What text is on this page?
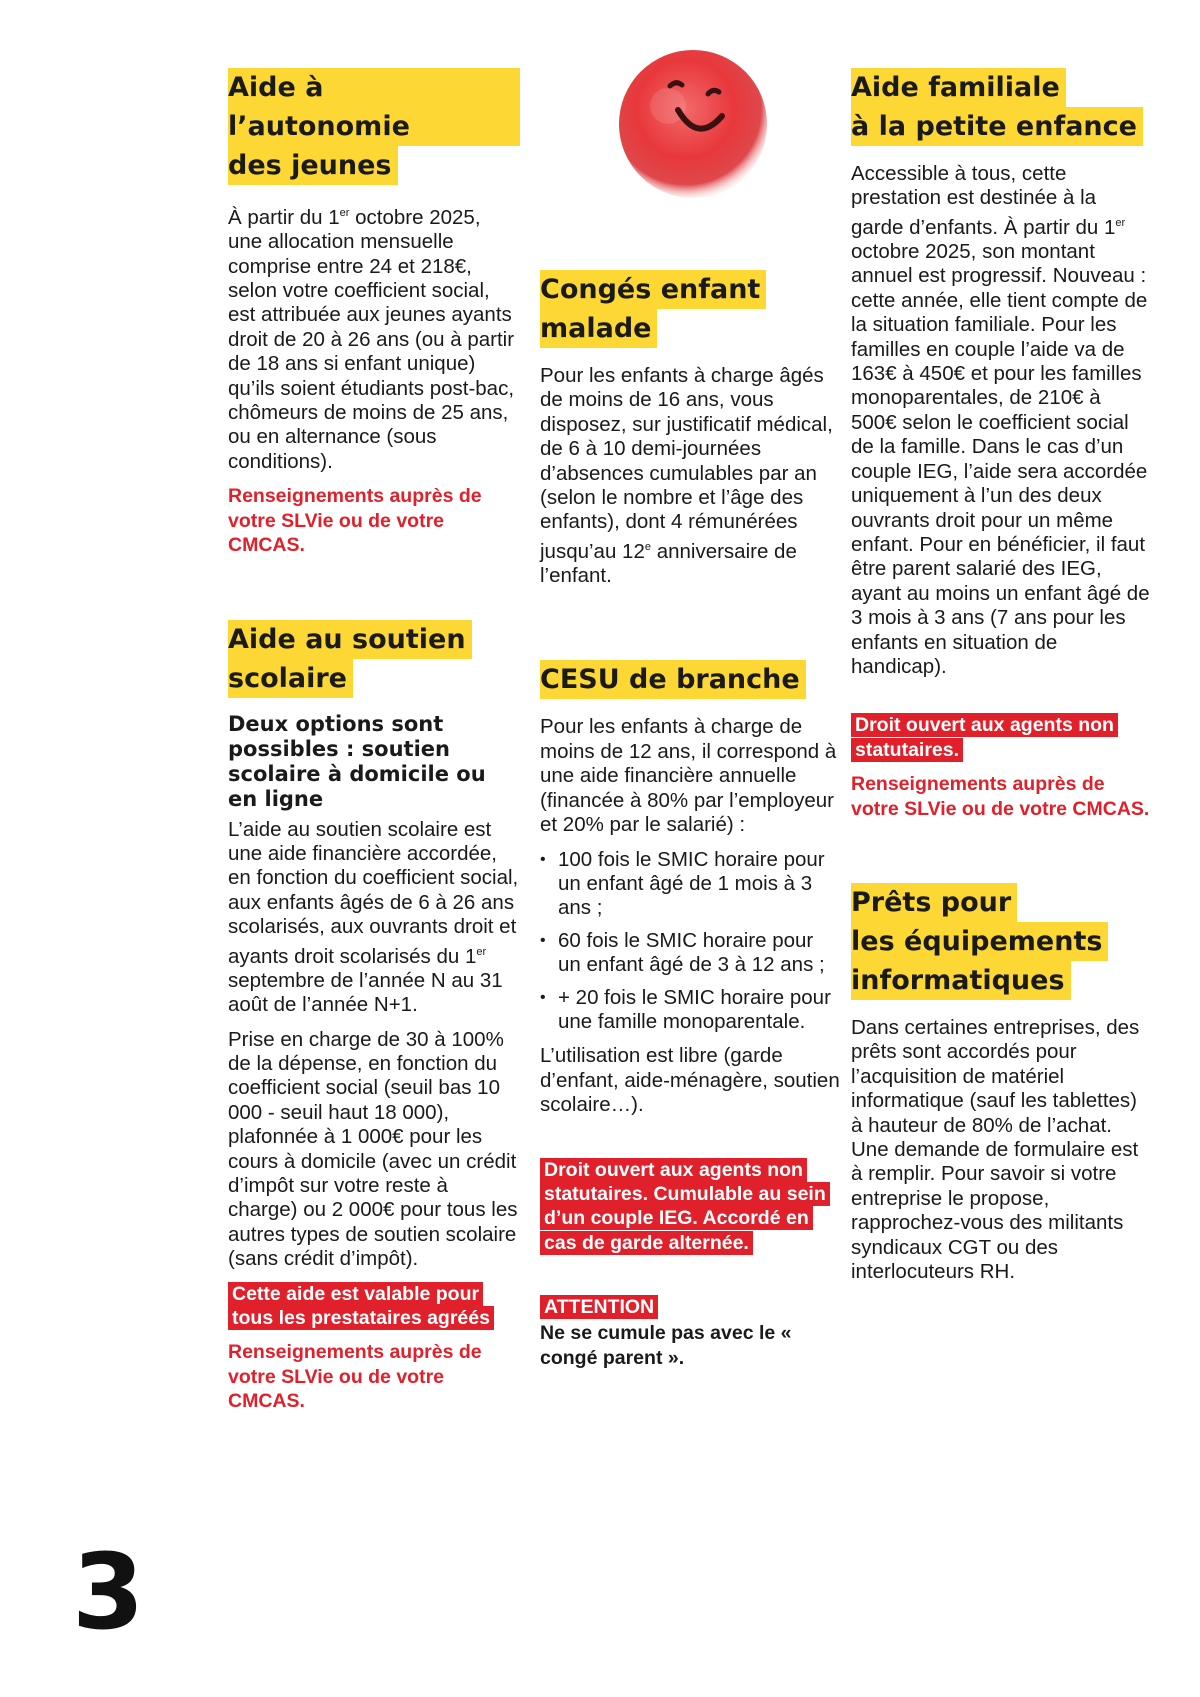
Aide à l’autonomie
des jeunes

À partir du 1er octobre 2025, une allocation mensuelle comprise entre 24 et 218€, selon votre coefficient social, est attribuée aux jeunes ayants droit de 20 à 26 ans (ou à partir de 18 ans si enfant unique) qu’ils soient étudiants post-bac, chômeurs de moins de 25 ans, ou en alternance (sous conditions).

Renseignements auprès de votre SLVie ou de votre CMCAS.

Aide au soutien
scolaire
Deux options sont possibles : soutien scolaire à domicile ou en ligne

L’aide au soutien scolaire est une aide financière accordée, en fonction du coefficient social, aux enfants âgés de 6 à 26 ans scolarisés, aux ouvrants droit et ayants droit scolarisés du 1er septembre de l’année N au 31 août de l’année N+1.

Prise en charge de 30 à 100% de la dépense, en fonction du coefficient social (seuil bas 10 000 - seuil haut 18 000), plafonnée à 1 000€ pour les cours à domicile (avec un crédit d’impôt sur votre reste à charge) ou 2 000€ pour tous les autres types de soutien scolaire (sans crédit d’impôt).

Cette aide est valable pour tous les prestataires agréés

Renseignements auprès de votre SLVie ou de votre CMCAS.

Congés enfant
malade

Pour les enfants à charge âgés de moins de 16 ans, vous disposez, sur justificatif médical, de 6 à 10 demi-journées d’absences cumulables par an (selon le nombre et l’âge des enfants), dont 4 rémunérées jusqu’au 12e anniversaire de l’enfant.

CESU de branche

Pour les enfants à charge de moins de 12 ans, il correspond à une aide financière annuelle (financée à 80% par l’employeur et 20% par le salarié) :

• 100 fois le SMIC horaire pour un enfant âgé de 1 mois à 3 ans ;
• 60 fois le SMIC horaire pour un enfant âgé de 3 à 12 ans ;
• + 20 fois le SMIC horaire pour une famille monoparentale.

L’utilisation est libre (garde d’enfant, aide-ménagère, soutien scolaire…).

Droit ouvert aux agents non statutaires. Cumulable au sein d’un couple IEG. Accordé en cas de garde alternée.
ATTENTION
Ne se cumule pas avec le « congé parent ».
Aide familiale
à la petite enfance

Accessible à tous, cette prestation est destinée à la garde d’enfants. À partir du 1er octobre 2025, son montant annuel est progressif. Nouveau : cette année, elle tient compte de la situation familiale. Pour les familles en couple l’aide va de 163€ à 450€ et pour les familles monoparentales, de 210€ à 500€ selon le coefficient social de la famille. Dans le cas d’un couple IEG, l’aide sera accordée uniquement à l’un des deux ouvrants droit pour un même enfant. Pour en bénéficier, il faut être parent salarié des IEG, ayant au moins un enfant âgé de 3 mois à 3 ans (7 ans pour les enfants en situation de handicap).

Droit ouvert aux agents non statutaires.

Renseignements auprès de votre SLVie ou de votre CMCAS.

Prêts pour
les équipements
informatiques

Dans certaines entreprises, des prêts sont accordés pour l’acquisition de matériel informatique (sauf les tablettes) à hauteur de 80% de l’achat. Une demande de formulaire est à remplir. Pour savoir si votre entreprise le propose, rapprochez-vous des militants syndicaux CGT ou des interlocuteurs RH.

3
